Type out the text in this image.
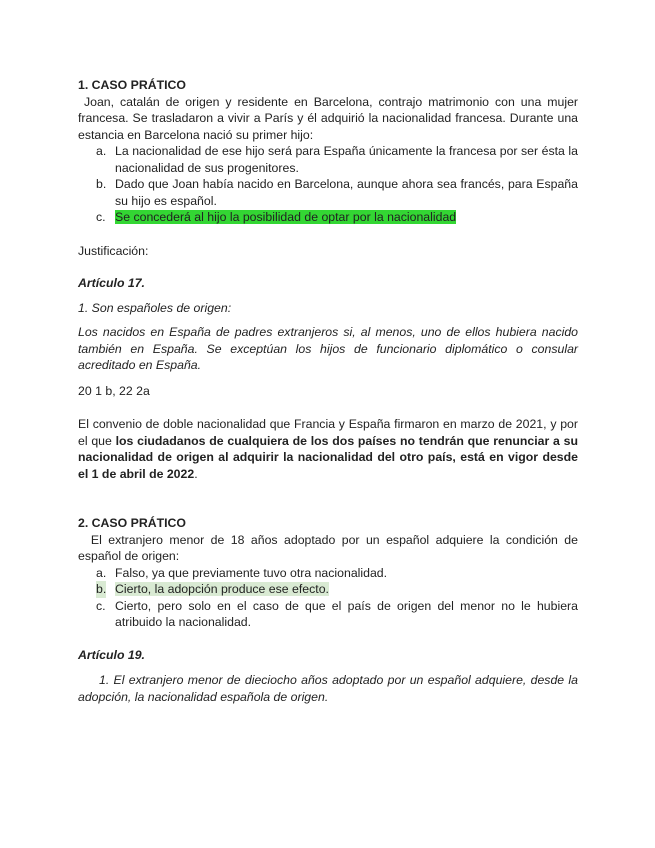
1. CASO PRÁTICO

Joan, catalán de origen y residente en Barcelona, contrajo matrimonio con una mujer francesa. Se trasladaron a vivir a París y él adquirió la nacionalidad francesa. Durante una estancia en Barcelona nació su primer hijo:

a. La nacionalidad de ese hijo será para España únicamente la francesa por ser ésta la nacionalidad de sus progenitores.
b. Dado que Joan había nacido en Barcelona, aunque ahora sea francés, para España su hijo es español.
c. Se concederá al hijo la posibilidad de optar por la nacionalidad

Justificación:

Artículo 17.

1. Son españoles de origen:

Los nacidos en España de padres extranjeros si, al menos, uno de ellos hubiera nacido también en España. Se exceptúan los hijos de funcionario diplomático o consular acreditado en España.

20 1 b, 22 2a

El convenio de doble nacionalidad que Francia y España firmaron en marzo de 2021, y por el que los ciudadanos de cualquiera de los dos países no tendrán que renunciar a su nacionalidad de origen al adquirir la nacionalidad del otro país, está en vigor desde el 1 de abril de 2022.

2. CASO PRÁTICO

El extranjero menor de 18 años adoptado por un español adquiere la condición de español de origen:

a. Falso, ya que previamente tuvo otra nacionalidad.
b. Cierto, la adopción produce ese efecto.
c. Cierto, pero solo en el caso de que el país de origen del menor no le hubiera atribuido la nacionalidad.

Artículo 19.

1. El extranjero menor de dieciocho años adoptado por un español adquiere, desde la adopción, la nacionalidad española de origen.
